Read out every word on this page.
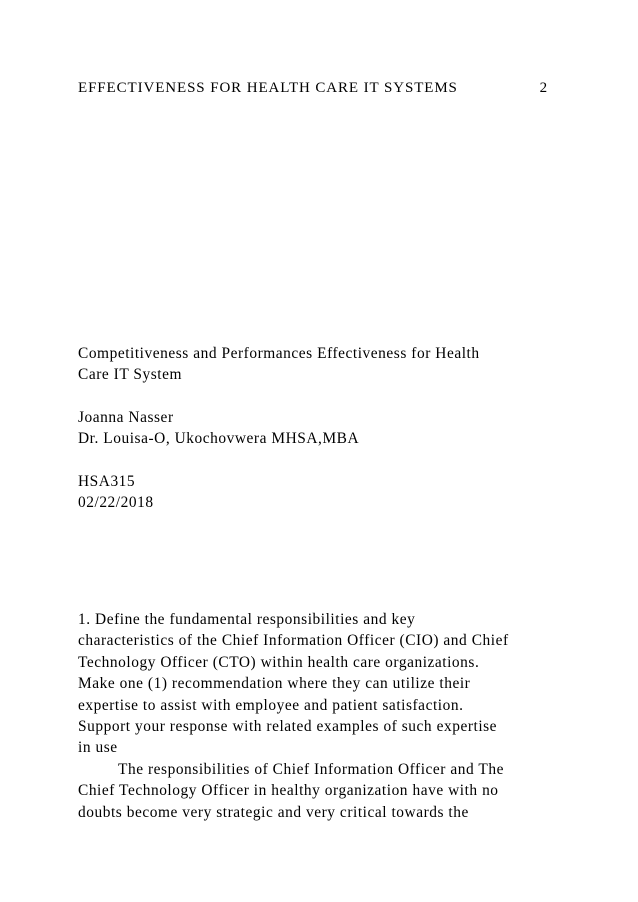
EFFECTIVENESS FOR HEALTH CARE IT SYSTEMS	2
Competitiveness and Performances Effectiveness for Health
Care IT System
Joanna Nasser
Dr. Louisa-O, Ukochovwera MHSA,MBA
HSA315
02/22/2018
1. Define the fundamental responsibilities and key
characteristics of the Chief Information Officer (CIO) and Chief
Technology Officer (CTO) within health care organizations.
Make one (1) recommendation where they can utilize their
expertise to assist with employee and patient satisfaction.
Support your response with related examples of such expertise
in use
The responsibilities of Chief Information Officer and The
Chief Technology Officer in healthy organization have with no
doubts become very strategic and very critical towards the
